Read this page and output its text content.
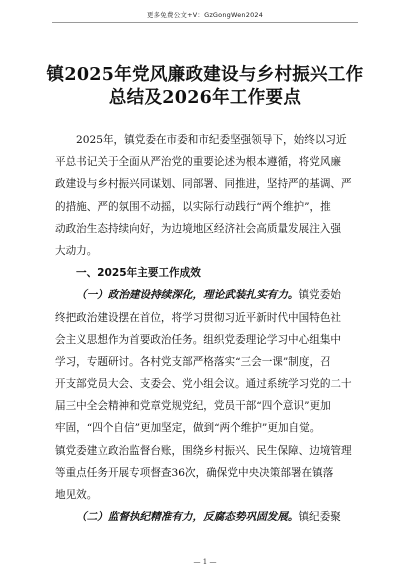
更多免费公文+V：GzGongWen2024
镇2025年党风廉政建设与乡村振兴工作
总结及2026年工作要点
2025年，镇党委在市委和市纪委坚强领导下，始终以习近
平总书记关于全面从严治党的重要论述为根本遵循，将党风廉
政建设与乡村振兴同谋划、同部署、同推进，坚持严的基调、严
的措施、严的氛围不动摇，以实际行动践行“两个维护”，推
动政治生态持续向好，为边境地区经济社会高质量发展注入强
大动力。
一、2025年主要工作成效
（一）政治建设持续深化，理论武装扎实有力。镇党委始
终把政治建设摆在首位，将学习贯彻习近平新时代中国特色社
会主义思想作为首要政治任务。组织党委理论学习中心组集中
学习，专题研讨。各村党支部严格落实“三会一课”制度，召
开支部党员大会、支委会、党小组会议。通过系统学习党的二十
届三中全会精神和党章党规党纪，党员干部“四个意识”更加
牢固，“四个自信”更加坚定，做到“两个维护”更加自觉。
镇党委建立政治监督台账，围绕乡村振兴、民生保障、边境管理
等重点任务开展专项督查36次，确保党中央决策部署在镇落
地见效。
（二）监督执纪精准有力，反腐态势巩固发展。镇纪委聚
— 1 —
